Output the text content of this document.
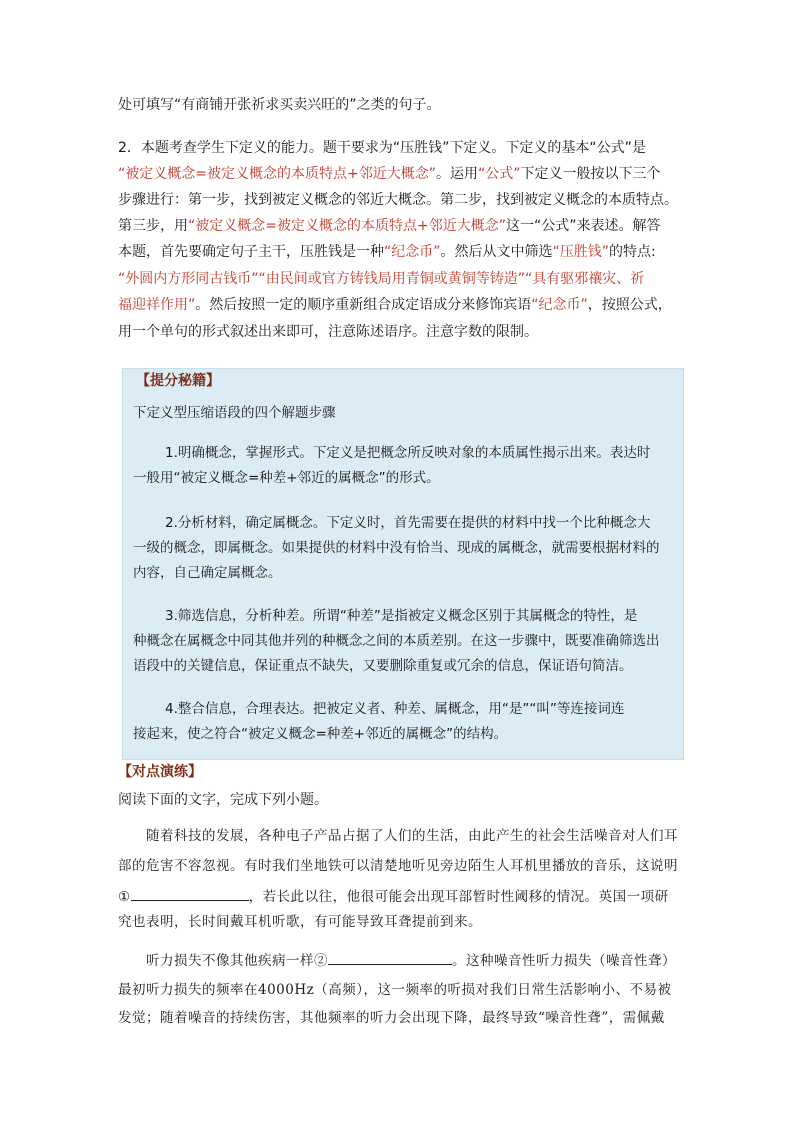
处可填写“有商铺开张祈求买卖兴旺的”之类的句子。
2．本题考查学生下定义的能力。题干要求为“压胜钱”下定义。下定义的基本“公式”是
“被定义概念=被定义概念的本质特点+邻近大概念”。运用“公式”下定义一般按以下三个
步骤进行：第一步，找到被定义概念的邻近大概念。第二步，找到被定义概念的本质特点。
第三步，用“被定义概念=被定义概念的本质特点+邻近大概念”这一“公式”来表述。解答
本题，首先要确定句子主干，压胜钱是一种“纪念币”。然后从文中筛选“压胜钱”的特点:
“外圆内方形同古钱币”“由民间或官方铸钱局用青铜或黄铜等铸造”“具有驱邪禳灾、祈
福迎祥作用”。然后按照一定的顺序重新组合成定语成分来修饰宾语“纪念币”，按照公式，
用一个单句的形式叙述出来即可，注意陈述语序。注意字数的限制。
【提分秘籍】
下定义型压缩语段的四个解题步骤
1.明确概念，掌握形式。下定义是把概念所反映对象的本质属性揭示出来。表达时
一般用“被定义概念=种差+邻近的属概念”的形式。
2.分析材料，确定属概念。下定义时，首先需要在提供的材料中找一个比种概念大
一级的概念，即属概念。如果提供的材料中没有恰当、现成的属概念，就需要根据材料的
内容，自己确定属概念。
3.筛选信息，分析种差。所谓“种差”是指被定义概念区别于其属概念的特性，是
种概念在属概念中同其他并列的种概念之间的本质差别。在这一步骤中，既要准确筛选出
语段中的关键信息，保证重点不缺失，又要删除重复或冗余的信息，保证语句简洁。
4.整合信息，合理表达。把被定义者、种差、属概念，用“是”“叫”等连接词连
接起来，使之符合“被定义概念=种差+邻近的属概念”的结构。
【对点演练】
阅读下面的文字，完成下列小题。
随着科技的发展，各种电子产品占据了人们的生活，由此产生的社会生活噪音对人们耳
部的危害不容忽视。有时我们坐地铁可以清楚地听见旁边陌生人耳机里播放的音乐，这说明
①	，若长此以往，他很可能会出现耳部暂时性阈移的情况。英国一项研
究也表明，长时间戴耳机听歌，有可能导致耳聋提前到来。
听力损失不像其他疾病一样②	。这种噪音性听力损失（噪音性聋）
最初听力损失的频率在4000Hz（高频），这一频率的听损对我们日常生活影响小、不易被
发觉；随着噪音的持续伤害，其他频率的听力会出现下降，最终导致“噪音性聋”，需佩戴
